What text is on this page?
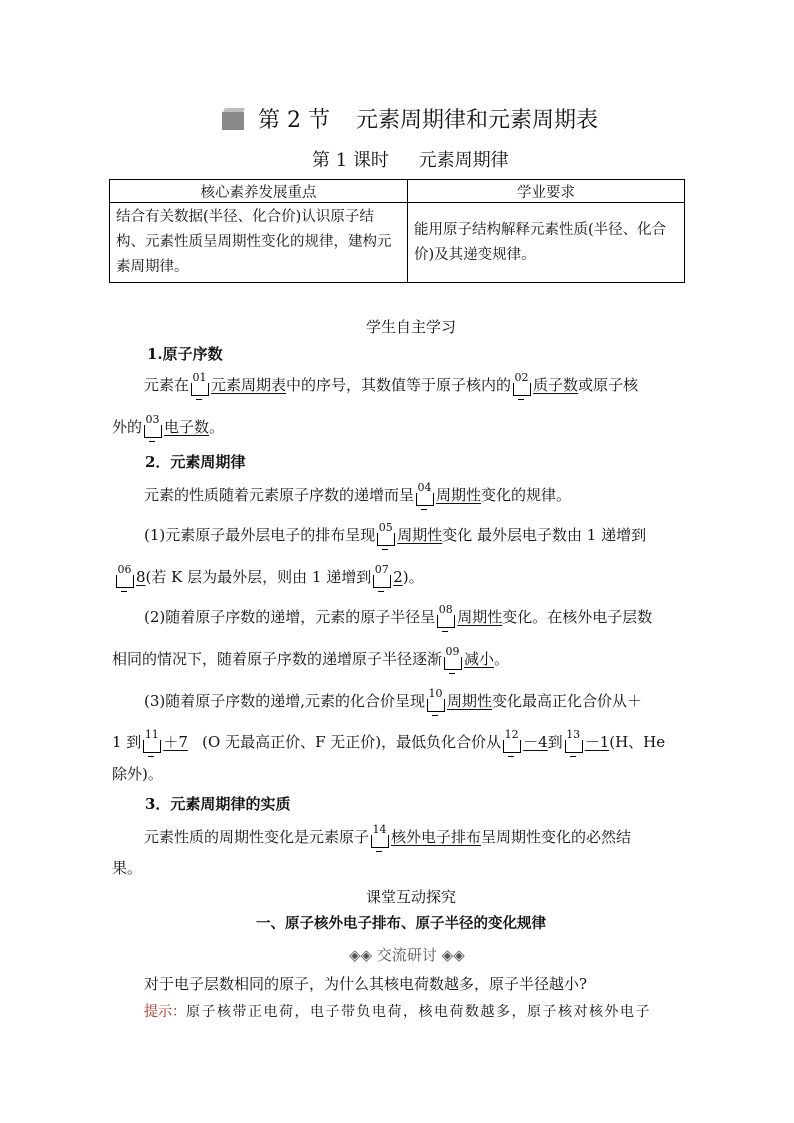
第 2 节 元素周期律和元素周期表
第 1 课时 元素周期律
核心素养发展重点	学业要求
结合有关数据(半径、化合价)认识原子结构、元素性质呈周期性变化的规律，建构元素周期律。	能用原子结构解释元素性质(半径、化合价)及其递变规律。
学生自主学习
1.原子序数
元素在 01 元素周期表中的序号，其数值等于原子核内的 02 质子数或原子核
外的 03 电子数。
2．元素周期律
元素的性质随着元素原子序数的递增而呈 04 周期性变化的规律。
(1)元素原子最外层电子的排布呈现 05 周期性变化 最外层电子数由 1 递增到
06 8(若 K 层为最外层，则由 1 递增到 07 2)。
(2)随着原子序数的递增，元素的原子半径呈 08 周期性变化。在核外电子层数
相同的情况下，随着原子序数的递增原子半径逐渐 09 减小。
(3)随着原子序数的递增,元素的化合价呈现 10 周期性变化最高正化合价从＋
1 到 11 ＋7 (O 无最高正价、F 无正价)，最低负化合价从 12 －4到 13 －1(H、He
除外)。
3．元素周期律的实质
元素性质的周期性变化是元素原子 14 核外电子排布呈周期性变化的必然结
果。
课堂互动探究
一、原子核外电子排布、原子半径的变化规律
◈◈ 交流研讨 ◈◈
对于电子层数相同的原子，为什么其核电荷数越多，原子半径越小?
提示：原子核带正电荷，电子带负电荷，核电荷数越多，原子核对核外电子
